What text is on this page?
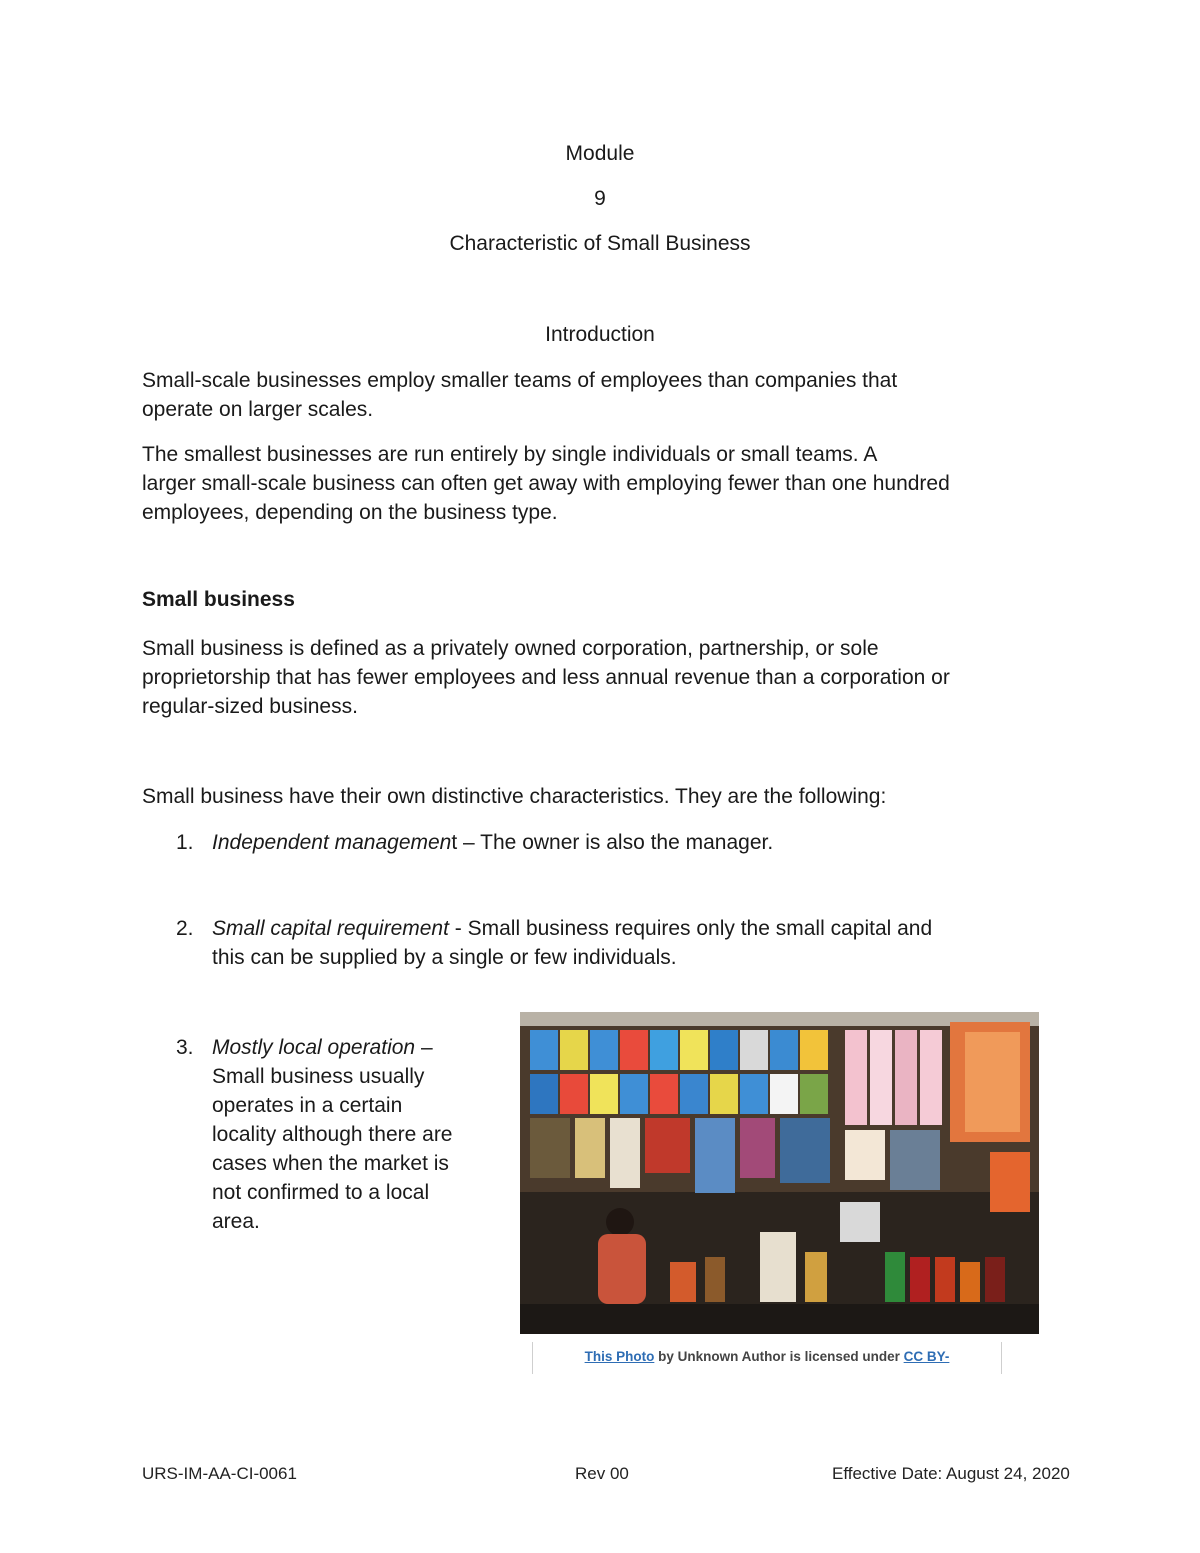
Module
9
Characteristic of Small Business
Introduction
Small-scale businesses employ smaller teams of employees than companies that
operate on larger scales.
The smallest businesses are run entirely by single individuals or small teams. A
larger small-scale business can often get away with employing fewer than one hundred
employees, depending on the business type.
Small business
Small business is defined as a privately owned corporation, partnership, or sole
proprietorship that has fewer employees and less annual revenue than a corporation or
regular-sized business.
Small business have their own distinctive characteristics. They are the following:
1. Independent management – The owner is also the manager.
2. Small capital requirement - Small business requires only the small capital and
this can be supplied by a single or few individuals.
3. Mostly local operation –
Small business usually
operates in a certain
locality although there are
cases when the market is
not confirmed to a local
area.
This Photo by Unknown Author is licensed under CC BY-
URS-IM-AA-CI-0061	Rev 00	Effective Date: August 24, 2020
